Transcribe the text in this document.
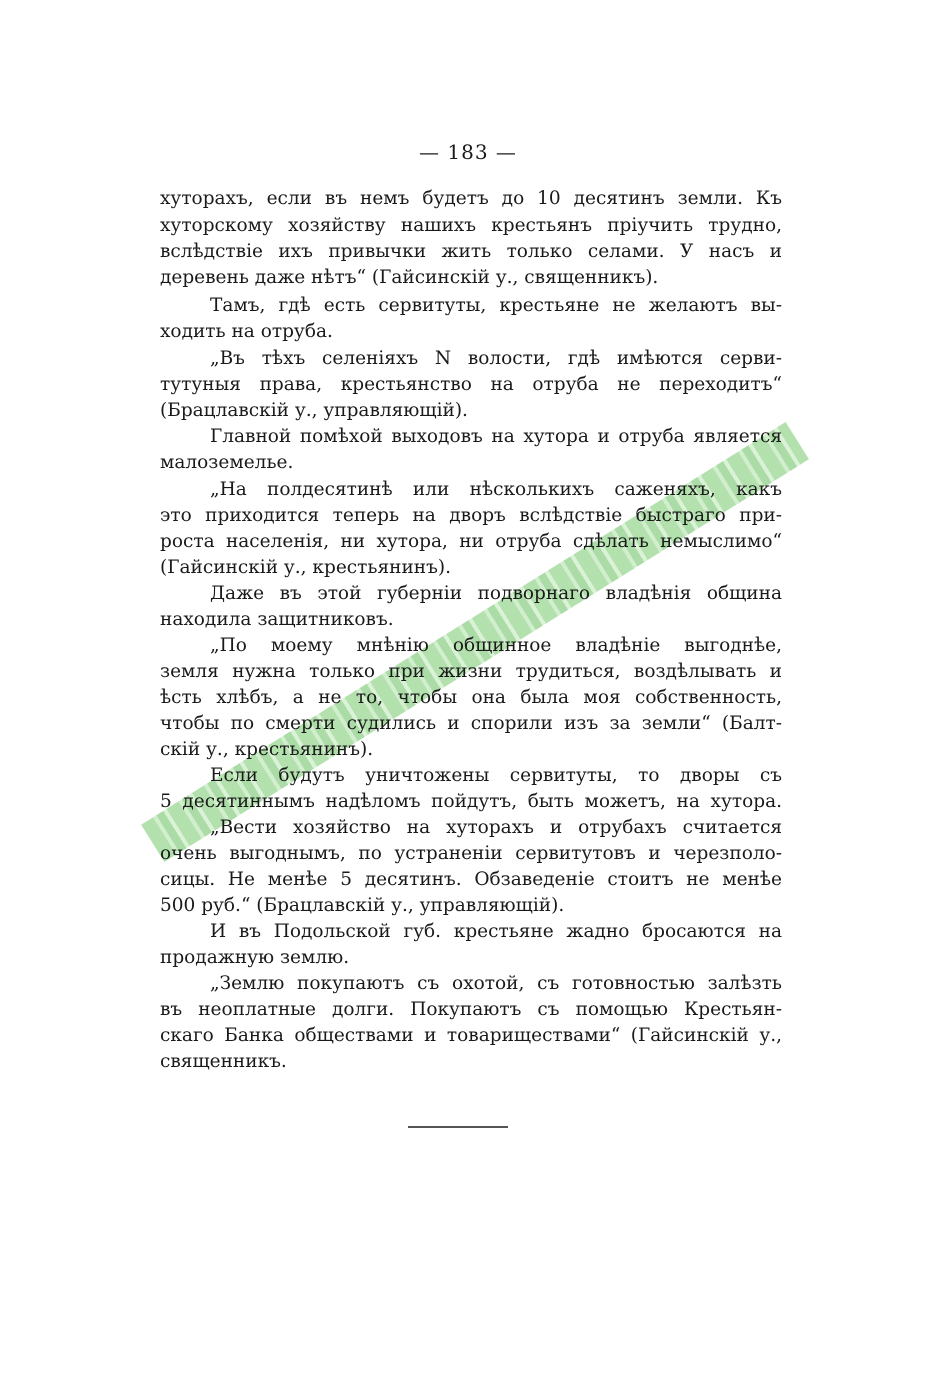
— 183 —
хуторахъ, если въ немъ будетъ до 10 десятинъ земли. Къ
хуторскому хозяйству нашихъ крестьянъ пріучить трудно,
вслѣдствіе ихъ привычки жить только селами. У насъ и
деревень даже нѣтъ“ (Гайсинскій у., священникъ).
Тамъ, гдѣ есть сервитуты, крестьяне не желаютъ вы-
ходить на отруба.
„Въ тѣхъ селеніяхъ N волости, гдѣ имѣются серви-
тутуныя права, крестьянство на отруба не переходитъ“
(Брацлавскій у., управляющій).
Главной помѣхой выходовъ на хутора и отруба является
малоземелье.
„На полдесятинѣ или нѣсколькихъ саженяхъ, какъ
это приходится теперь на дворъ вслѣдствіе быстраго при-
роста населенія, ни хутора, ни отруба сдѣлать немыслимо“
(Гайсинскій у., крестьянинъ).
Даже въ этой губерніи подворнаго владѣнія община
находила защитниковъ.
„По моему мнѣнію общинное владѣніе выгоднѣе,
земля нужна только при жизни трудиться, воздѣлывать и
ѣсть хлѣбъ, а не то, чтобы она была моя собственность,
чтобы по смерти судились и спорили изъ за земли“ (Балт-
скій у., крестьянинъ).
Если будутъ уничтожены сервитуты, то дворы съ
5 десятиннымъ надѣломъ пойдутъ, быть можетъ, на хутора.
„Вести хозяйство на хуторахъ и отрубахъ считается
очень выгоднымъ, по устраненіи сервитутовъ и черезполо-
сицы. Не менѣе 5 десятинъ. Обзаведеніе стоитъ не менѣе
500 руб.“ (Брацлавскій у., управляющій).
И въ Подольской губ. крестьяне жадно бросаются на
продажную землю.
„Землю покупаютъ съ охотой, съ готовностью залѣзть
въ неоплатные долги. Покупаютъ съ помощью Крестьян-
скаго Банка обществами и товариществами“ (Гайсинскій у.,
священникъ.
